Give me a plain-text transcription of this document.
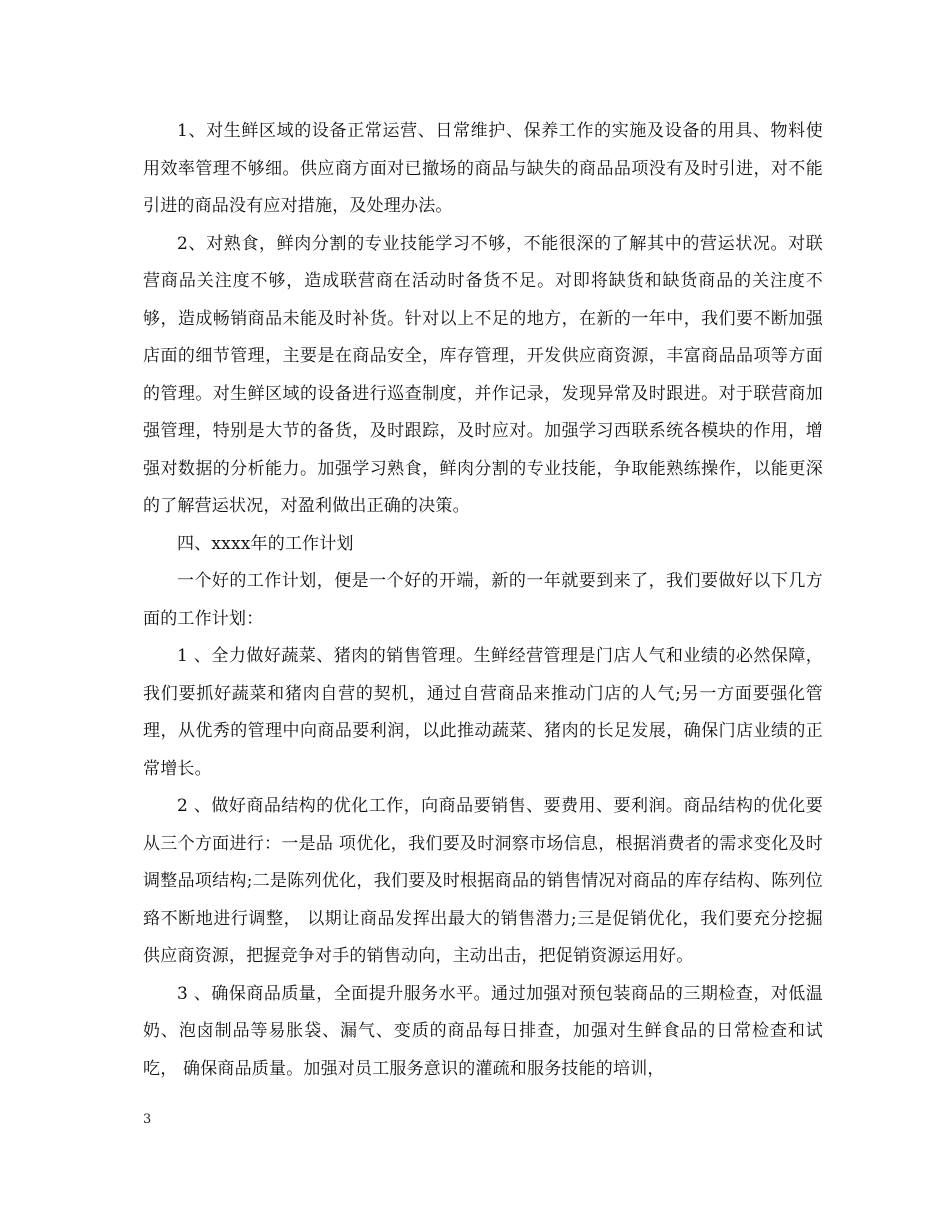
1、对生鲜区域的设备正常运营、日常维护、保养工作的实施及设备的用具、物料使用效率管理不够细。供应商方面对已撤场的商品与缺失的商品品项没有及时引进，对不能引进的商品没有应对措施，及处理办法。

2、对熟食，鲜肉分割的专业技能学习不够，不能很深的了解其中的营运状况。对联营商品关注度不够，造成联营商在活动时备货不足。对即将缺货和缺货商品的关注度不够，造成畅销商品未能及时补货。针对以上不足的地方，在新的一年中，我们要不断加强店面的细节管理，主要是在商品安全，库存管理，开发供应商资源，丰富商品品项等方面的管理。对生鲜区域的设备进行巡查制度，并作记录，发现异常及时跟进。对于联营商加强管理，特别是大节的备货，及时跟踪，及时应对。加强学习西联系统各模块的作用，增强对数据的分析能力。加强学习熟食，鲜肉分割的专业技能，争取能熟练操作，以能更深的了解营运状况，对盈利做出正确的决策。

四、xxxx年的工作计划

一个好的工作计划，便是一个好的开端，新的一年就要到来了，我们要做好以下几方面的工作计划：

1 、全力做好蔬菜、猪肉的销售管理。生鲜经营管理是门店人气和业绩的必然保障，我们要抓好蔬菜和猪肉自营的契机，通过自营商品来推动门店的人气;另一方面要强化管理，从优秀的管理中向商品要利润，以此推动蔬菜、猪肉的长足发展，确保门店业绩的正常增长。

2 、做好商品结构的优化工作，向商品要销售、要费用、要利润。商品结构的优化要从三个方面进行：一是品 项优化，我们要及时洞察市场信息，根据消费者的需求变化及时调整品项结构;二是陈列优化，我们要及时根据商品的销售情况对商品的库存结构、陈列位臵不断地进行调整， 以期让商品发挥出最大的销售潜力;三是促销优化，我们要充分挖掘供应商资源，把握竞争对手的销售动向，主动出击，把促销资源运用好。

3 、确保商品质量，全面提升服务水平。通过加强对预包装商品的三期检查，对低温奶、泡卤制品等易胀袋、漏气、变质的商品每日排查，加强对生鲜食品的日常检查和试吃， 确保商品质量。加强对员工服务意识的灌疏和服务技能的培训，

3
